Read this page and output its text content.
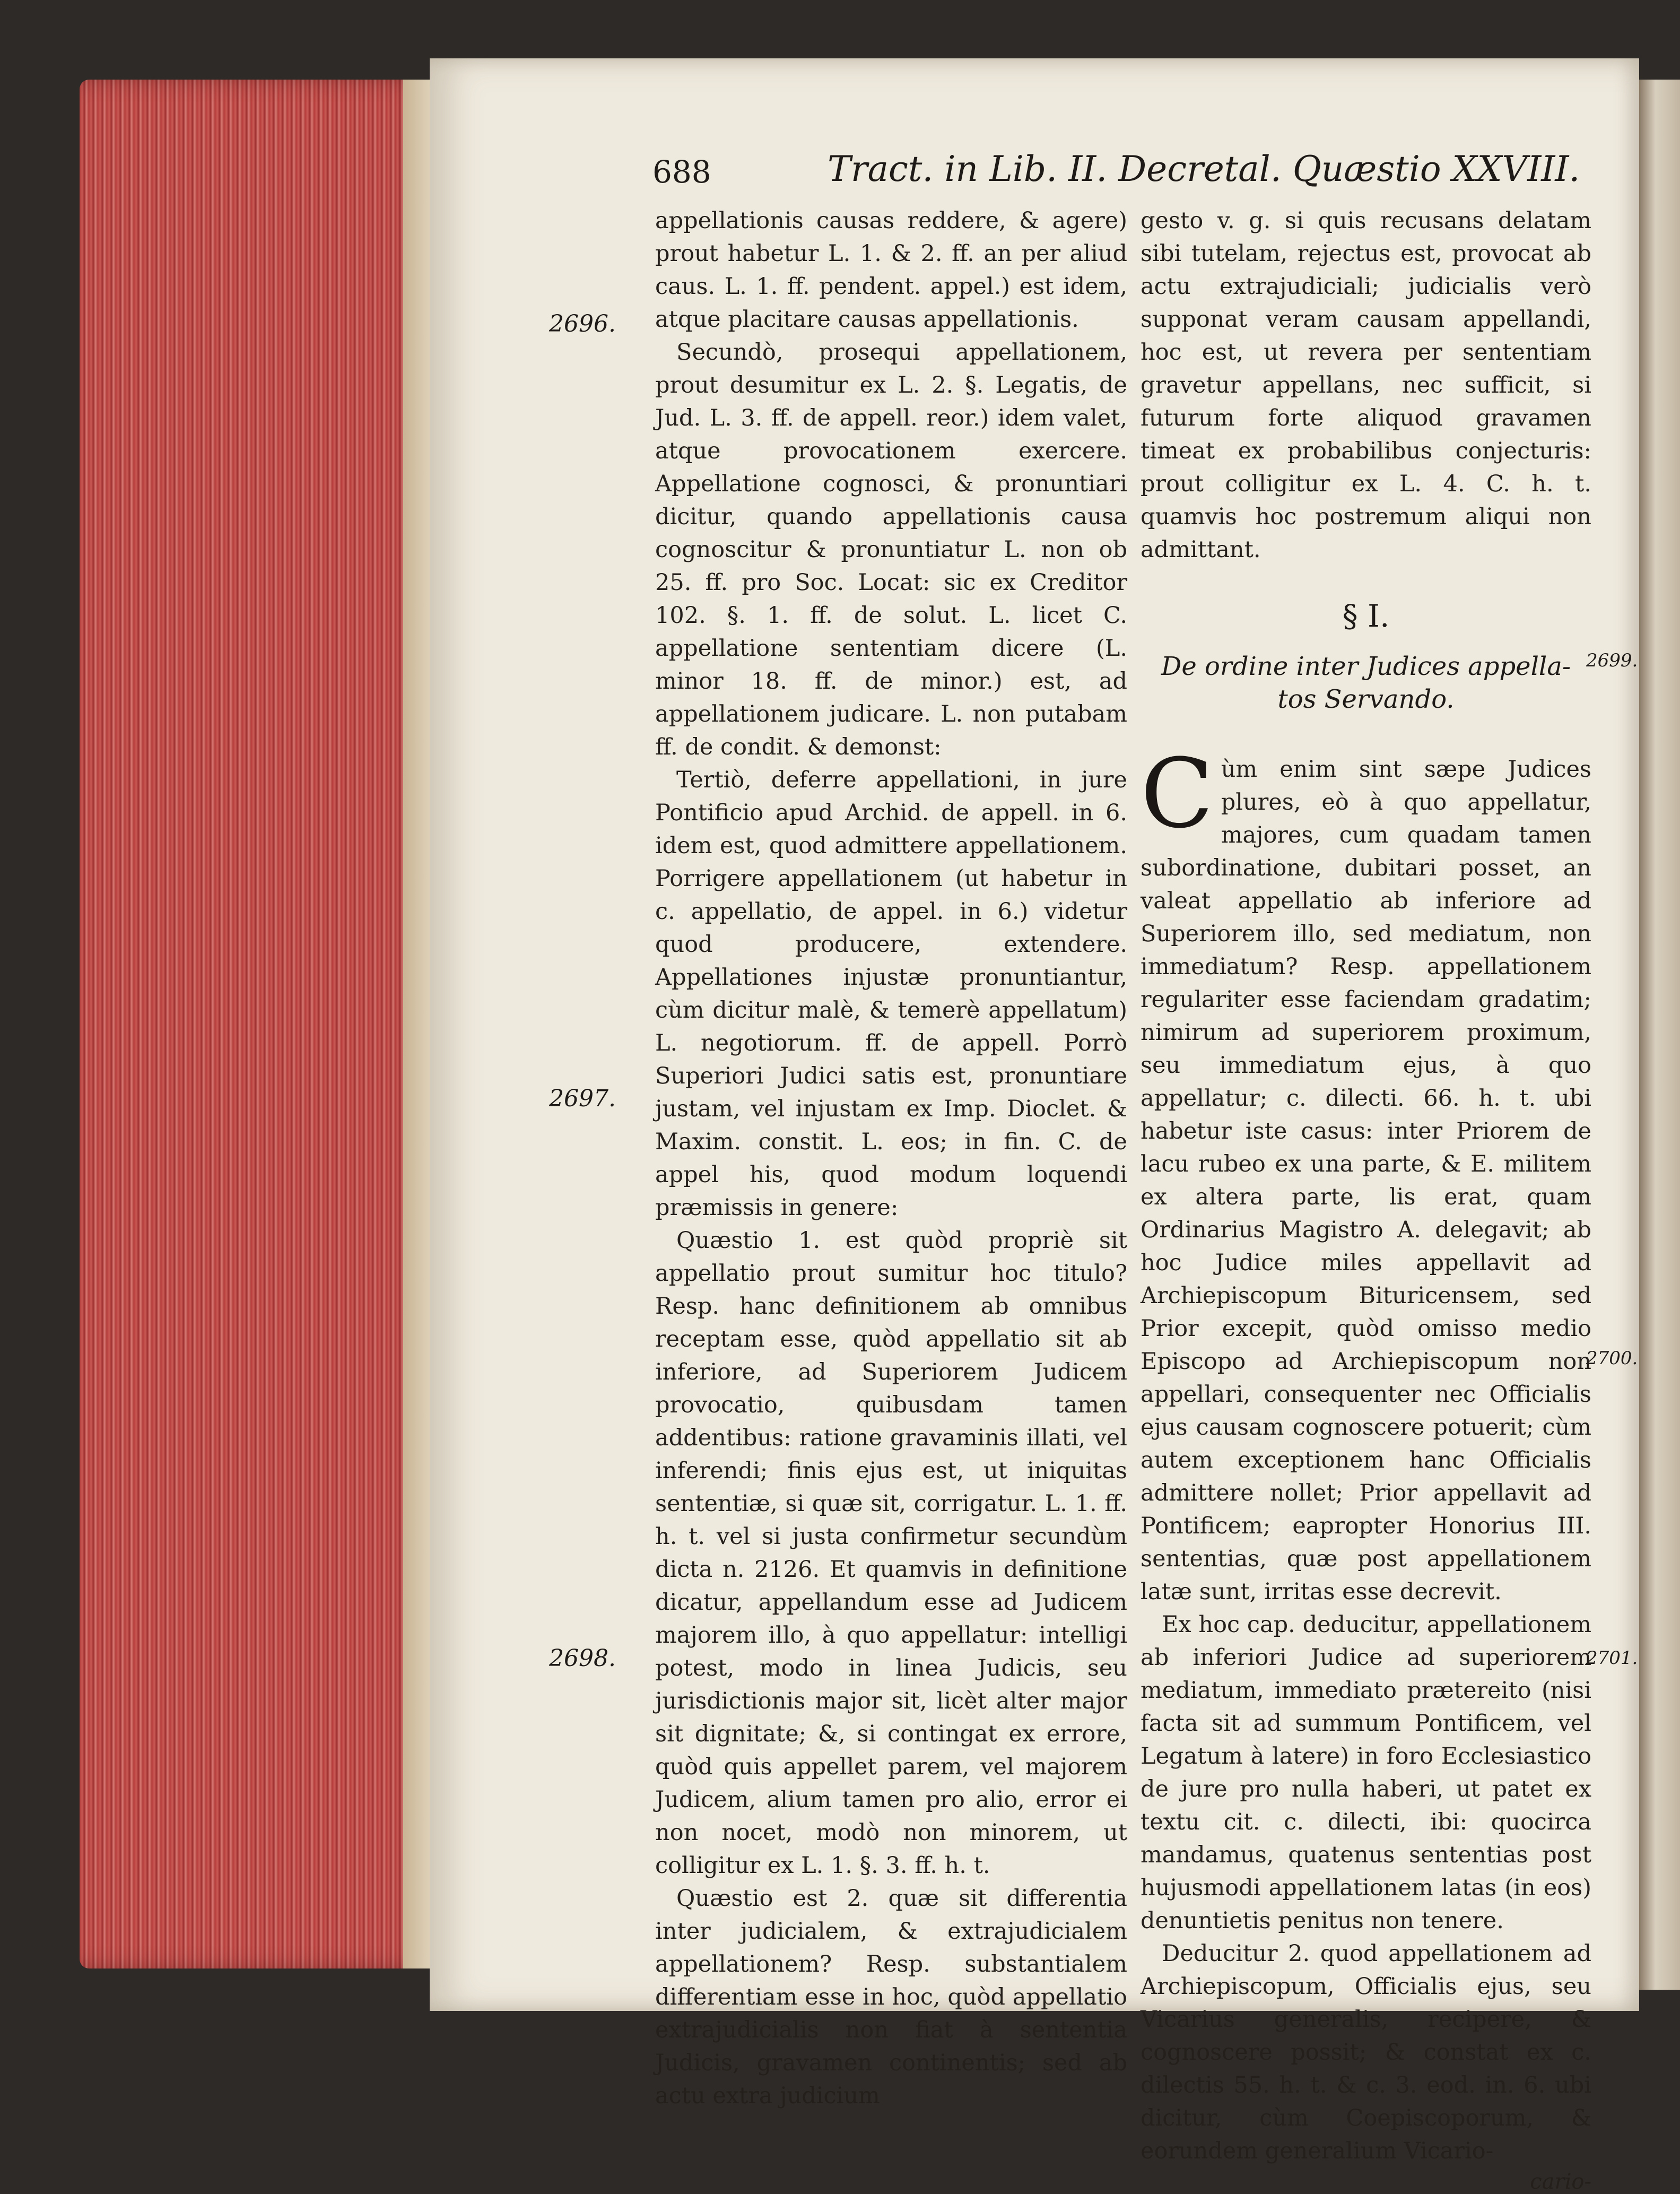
688	Tract. in Lib. II. Decretal. Quæstio XXVIII.
2696.
2697.
2698.
2699.
2700.
2701.

appellationis causas reddere, & agere) prout habetur L. 1. & 2. ff. an per aliud caus. L. 1. ff. pendent. appel.) est idem, atque placitare causas appellationis.

Secundò, prosequi appellationem, prout desumitur ex L. 2. §. Legatis, de Jud. L. 3. ff. de appell. reor.) idem valet, atque provocationem exercere. Appellatione cognosci, & pronuntiari dicitur, quando appellationis causa cognoscitur & pronuntiatur L. non ob 25. ff. pro Soc. Locat: sic ex Creditor 102. §. 1. ff. de solut. L. licet C. appellatione sententiam dicere (L. minor 18. ff. de minor.) est, ad appellationem judicare. L. non putabam ff. de condit. & demonst:

Tertiò, deferre appellationi, in jure Pontificio apud Archid. de appell. in 6. idem est, quod admittere appellationem. Porrigere appellationem (ut habetur in c. appellatio, de appel. in 6.) videtur quod producere, extendere. Appellationes injustæ pronuntiantur, cùm dicitur malè, & temerè appellatum) L. negotiorum. ff. de appell. Porrò Superiori Judici satis est, pronuntiare justam, vel injustam ex Imp. Dioclet. & Maxim. constit. L. eos; in fin. C. de appel his, quod modum loquendi præmissis in genere:

Quæstio 1. est quòd propriè sit appellatio prout sumitur hoc titulo? Resp. hanc definitionem ab omnibus receptam esse, quòd appellatio sit ab inferiore, ad Superiorem Judicem provocatio, quibusdam tamen addentibus: ratione gravaminis illati, vel inferendi; finis ejus est, ut iniquitas sententiæ, si quæ sit, corrigatur. L. 1. ff. h. t. vel si justa confirmetur secundùm dicta n. 2126. Et quamvis in definitione dicatur, appellandum esse ad Judicem majorem illo, à quo appellatur: intelligi potest, modo in linea Judicis, seu jurisdictionis major sit, licèt alter major sit dignitate; &, si contingat ex errore, quòd quis appellet parem, vel majorem Judicem, alium tamen pro alio, error ei non nocet, modò non minorem, ut colligitur ex L. 1. §. 3. ff. h. t.

Quæstio est 2. quæ sit differentia inter judicialem, & extrajudicialem appellationem? Resp. substantialem differentiam esse in hoc, quòd appellatio extrajudicialis non fiat à sententia Judicis, gravamen continentis; sed ab actu extra judicium

gesto v. g. si quis recusans delatam sibi tutelam, rejectus est, provocat ab actu extrajudiciali; judicialis verò supponat veram causam appellandi, hoc est, ut revera per sententiam gravetur appellans, nec sufficit, si futurum forte aliquod gravamen timeat ex probabilibus conjecturis: prout colligitur ex L. 4. C. h. t. quamvis hoc postremum aliqui non admittant.

§ I.
De ordine inter Judices appella-
tos Servando.

Cùm enim sint sæpe Judices plures, eò à quo appellatur, majores, cum quadam tamen subordinatione, dubitari posset, an valeat appellatio ab inferiore ad Superiorem illo, sed mediatum, non immediatum? Resp. appellationem regulariter esse faciendam gradatim; nimirum ad superiorem proximum, seu immediatum ejus, à quo appellatur; c. dilecti. 66. h. t. ubi habetur iste casus: inter Priorem de lacu rubeo ex una parte, & E. militem ex altera parte, lis erat, quam Ordinarius Magistro A. delegavit; ab hoc Judice miles appellavit ad Archiepiscopum Bituricensem, sed Prior excepit, quòd omisso medio Episcopo ad Archiepiscopum non appellari, consequenter nec Officialis ejus causam cognoscere potuerit; cùm autem exceptionem hanc Officialis admittere nollet; Prior appellavit ad Pontificem; eapropter Honorius III. sententias, quæ post appellationem latæ sunt, irritas esse decrevit.

Ex hoc cap. deducitur, appellationem ab inferiori Judice ad superiorem mediatum, immediato prætereito (nisi facta sit ad summum Pontificem, vel Legatum à latere) in foro Ecclesiastico de jure pro nulla haberi, ut patet ex textu cit. c. dilecti, ibi: quocirca mandamus, quatenus sententias post hujusmodi appellationem latas (in eos) denuntietis penitus non tenere.

Deducitur 2. quod appellationem ad Archiepiscopum, Officialis ejus, seu Vicarius generalis, recipere, & cognoscere possit; & constat ex c. dilectis 55. h. t. & c. 3. eod. in. 6. ubi dicitur, cùm Coepiscoporum, & eorundem generalium Vicario-

cario-
